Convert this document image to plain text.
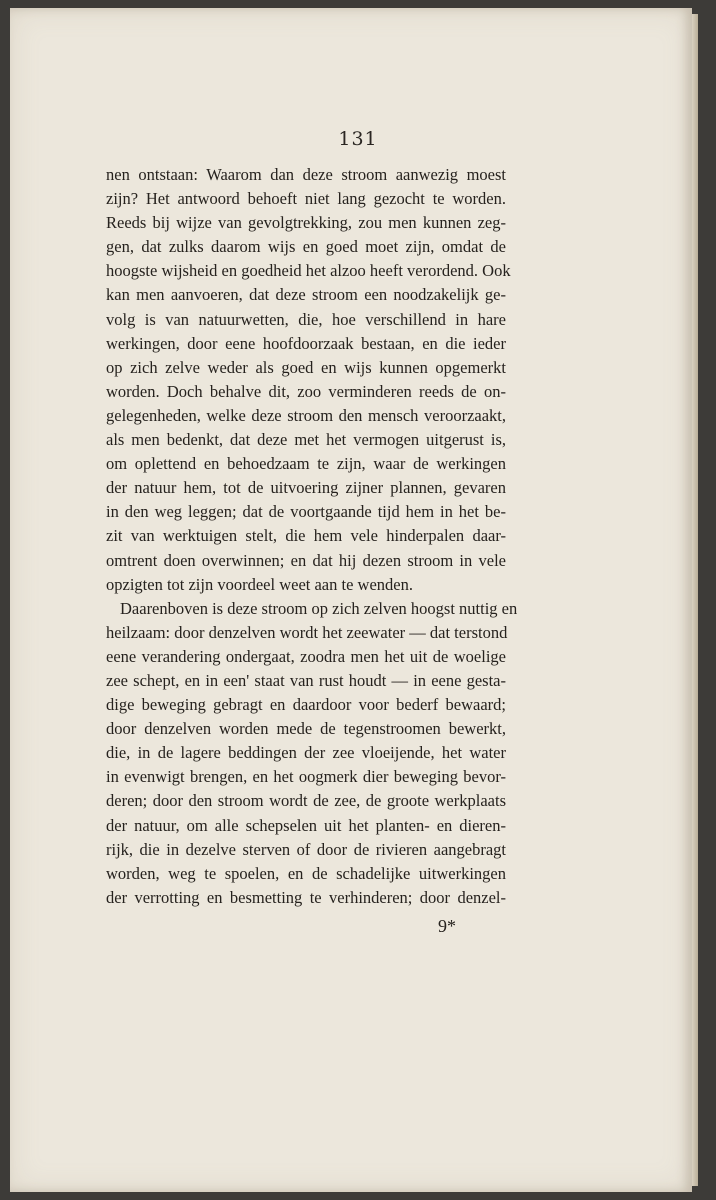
131
nen ontstaan: Waarom dan deze stroom aanwezig moest
zijn? Het antwoord behoeft niet lang gezocht te worden.
Reeds bij wijze van gevolgtrekking, zou men kunnen zeg-
gen, dat zulks daarom wijs en goed moet zijn, omdat de
hoogste wijsheid en goedheid het alzoo heeft verordend. Ook
kan men aanvoeren, dat deze stroom een noodzakelijk ge-
volg is van natuurwetten, die, hoe verschillend in hare
werkingen, door eene hoofdoorzaak bestaan, en die ieder
op zich zelve weder als goed en wijs kunnen opgemerkt
worden. Doch behalve dit, zoo verminderen reeds de on-
gelegenheden, welke deze stroom den mensch veroorzaakt,
als men bedenkt, dat deze met het vermogen uitgerust is,
om oplettend en behoedzaam te zijn, waar de werkingen
der natuur hem, tot de uitvoering zijner plannen, gevaren
in den weg leggen; dat de voortgaande tijd hem in het be-
zit van werktuigen stelt, die hem vele hinderpalen daar-
omtrent doen overwinnen; en dat hij dezen stroom in vele
opzigten tot zijn voordeel weet aan te wenden.
Daarenboven is deze stroom op zich zelven hoogst nuttig en
heilzaam: door denzelven wordt het zeewater — dat terstond
eene verandering ondergaat, zoodra men het uit de woelige
zee schept, en in een' staat van rust houdt — in eene gesta-
dige beweging gebragt en daardoor voor bederf bewaard;
door denzelven worden mede de tegenstroomen bewerkt,
die, in de lagere beddingen der zee vloeijende, het water
in evenwigt brengen, en het oogmerk dier beweging bevor-
deren; door den stroom wordt de zee, de groote werkplaats
der natuur, om alle schepselen uit het planten- en dieren-
rijk, die in dezelve sterven of door de rivieren aangebragt
worden, weg te spoelen, en de schadelijke uitwerkingen
der verrotting en besmetting te verhinderen; door denzel-
9*
